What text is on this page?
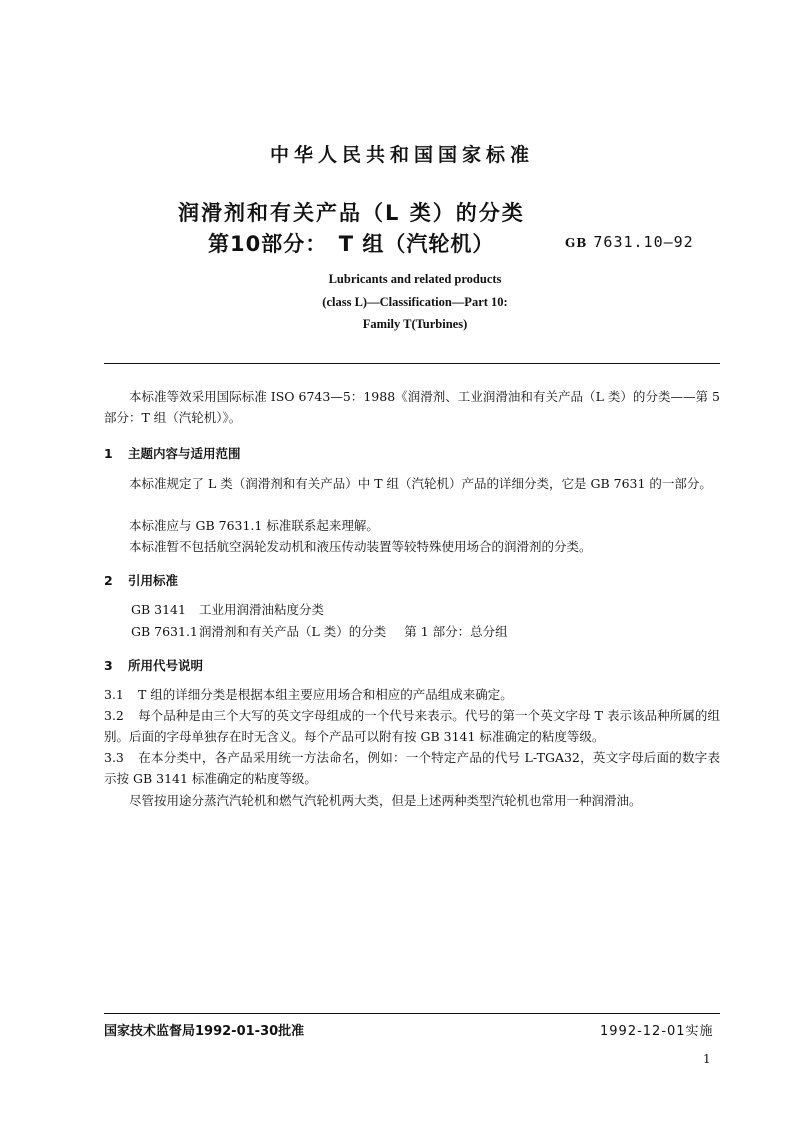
中华人民共和国国家标准
润滑剂和有关产品（L 类）的分类
第10部分：　T 组（汽轮机）	GB 7631.10—92
Lubricants and related products
(class L)—Classification—Part 10:
Family T(Turbines)
本标准等效采用国际标准 ISO 6743—5：1988《润滑剂、工业润滑油和有关产品（L 类）的分类——第 5 部分：T 组（汽轮机）》。
1 主题内容与适用范围
本标准规定了 L 类（润滑剂和有关产品）中 T 组（汽轮机）产品的详细分类，它是 GB 7631 的一部分。
本标准应与 GB 7631.1 标准联系起来理解。
本标准暂不包括航空涡轮发动机和液压传动装置等较特殊使用场合的润滑剂的分类。
2 引用标准
GB 3141 工业用润滑油粘度分类
GB 7631.1润滑剂和有关产品（L 类）的分类 第 1 部分：总分组
3 所用代号说明
3.1 T 组的详细分类是根据本组主要应用场合和相应的产品组成来确定。
3.2 每个品种是由三个大写的英文字母组成的一个代号来表示。代号的第一个英文字母 T 表示该品种所属的组别。后面的字母单独存在时无含义。每个产品可以附有按 GB 3141 标准确定的粘度等级。
3.3 在本分类中，各产品采用统一方法命名，例如：一个特定产品的代号 L-TGA32，英文字母后面的数字表示按 GB 3141 标准确定的粘度等级。
尽管按用途分蒸汽汽轮机和燃气汽轮机两大类，但是上述两种类型汽轮机也常用一种润滑油。
国家技术监督局1992-01-30批准	1992-12-01实施
1
